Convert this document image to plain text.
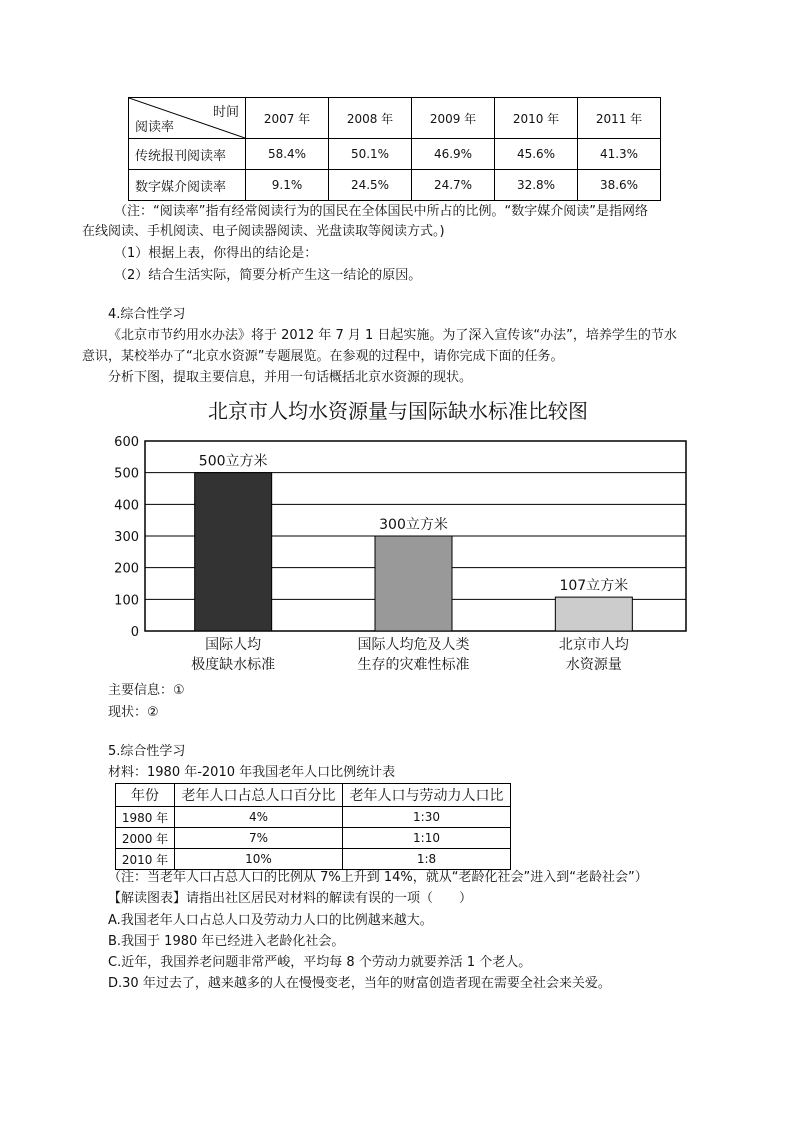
时间
阅读率	2007 年	2008 年	2009 年	2010 年	2011 年
传统报刊阅读率	58.4%	50.1%	46.9%	45.6%	41.3%
数字媒介阅读率	9.1%	24.5%	24.7%	32.8%	38.6%
（注：“阅读率”指有经常阅读行为的国民在全体国民中所占的比例。“数字媒介阅读”是指网络
在线阅读、手机阅读、电子阅读器阅读、光盘读取等阅读方式。)
（1）根据上表，你得出的结论是：
（2）结合生活实际，简要分析产生这一结论的原因。
4.综合性学习
《北京市节约用水办法》将于 2012 年 7 月 1 日起实施。为了深入宣传该“办法”，培养学生的节水
意识，某校举办了“北京水资源”专题展览。在参观的过程中，请你完成下面的任务。
分析下图，提取主要信息，并用一句话概括北京水资源的现状。
北京市人均水资源量与国际缺水标准比较图
0
100
200
300
400
500
600
500立方米
国际人均
极度缺水标准
300立方米
国际人均危及人类
生存的灾难性标准
107立方米
北京市人均
水资源量
主要信息：①
现状：②
5.综合性学习
材料：1980 年-2010 年我国老年人口比例统计表
年份	老年人口占总人口百分比	老年人口与劳动力人口比
1980 年	4%	1:30
2000 年	7%	1:10
2010 年	10%	1:8
（注：当老年人口占总人口的比例从 7%上升到 14%，就从“老龄化社会”进入到“老龄社会”）
【解读图表】请指出社区居民对材料的解读有误的一项（　　）
A.我国老年人口占总人口及劳动力人口的比例越来越大。
B.我国于 1980 年已经进入老龄化社会。
C.近年，我国养老问题非常严峻，平均每 8 个劳动力就要养活 1 个老人。
D.30 年过去了，越来越多的人在慢慢变老，当年的财富创造者现在需要全社会来关爱。
